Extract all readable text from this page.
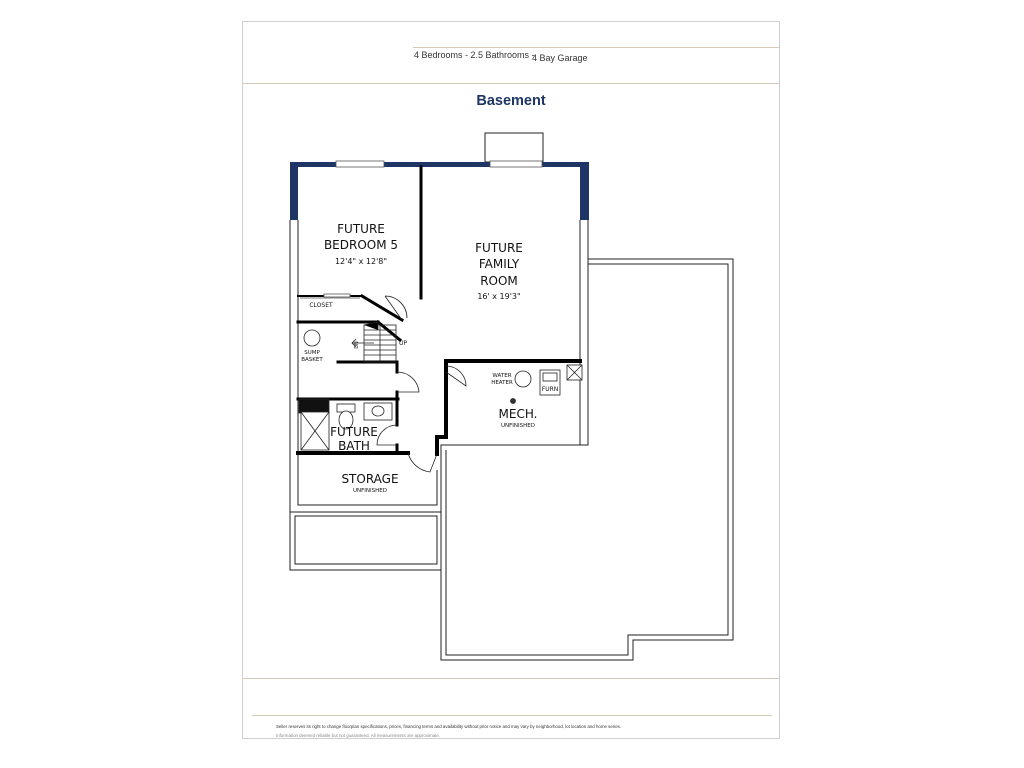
4 Bedrooms - 2.5 Bathrooms -
4 Bay Garage
Basement
Seller reserves its right to change floorplan specifications, prices, financing terms and availability without prior notice and may vary by neighborhood, lot location and home series.
Information deemed reliable but not guaranteed. All measurements are approximate.
FUTURE
BEDROOM 5
12'4" x 12'8"
CLOSET
FUTURE
FAMILY
ROOM
16' x 19'3"
SUMP
BASKET
DN	UP
WATER
HEATER
FURN
MECH.
UNFINISHED
FUTURE
BATH
STORAGE
UNFINISHED
